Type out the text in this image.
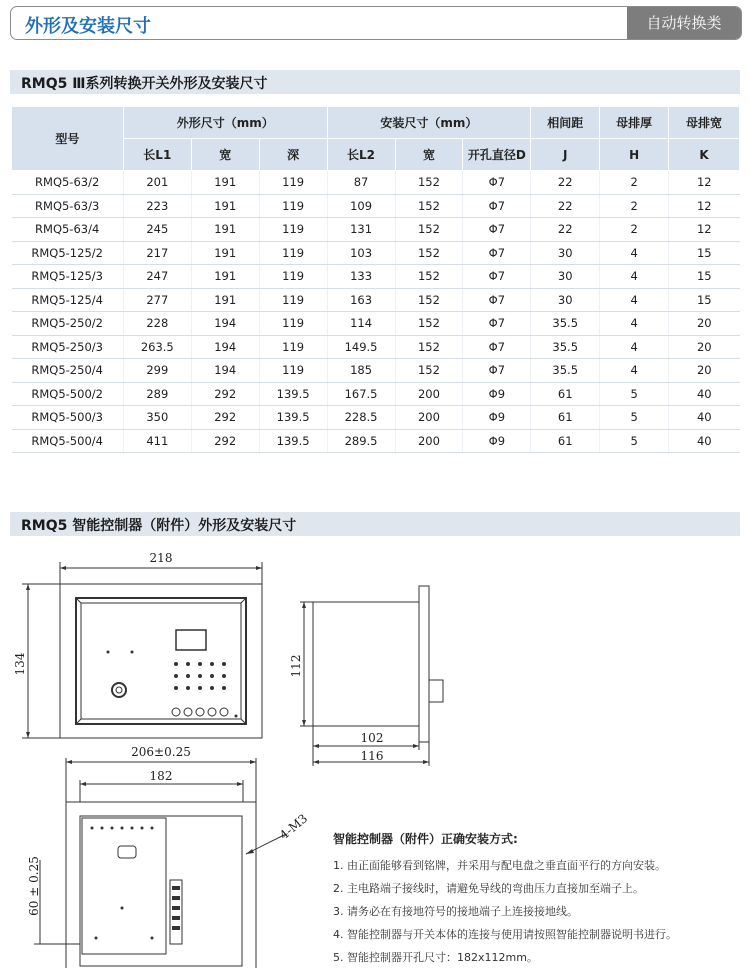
外形及安装尺寸	自动转换类
RMQ5 Ⅲ系列转换开关外形及安装尺寸
型号	外形尺寸（mm）			安装尺寸（mm）			相间距	母排厚	母排宽
	长L1	宽	深	长L2	宽	开孔直径D	J	H	K
RMQ5-63/2	201	191	119	87	152	Φ7	22	2	12
RMQ5-63/3	223	191	119	109	152	Φ7	22	2	12
RMQ5-63/4	245	191	119	131	152	Φ7	22	2	12
RMQ5-125/2	217	191	119	103	152	Φ7	30	4	15
RMQ5-125/3	247	191	119	133	152	Φ7	30	4	15
RMQ5-125/4	277	191	119	163	152	Φ7	30	4	15
RMQ5-250/2	228	194	119	114	152	Φ7	35.5	4	20
RMQ5-250/3	263.5	194	119	149.5	152	Φ7	35.5	4	20
RMQ5-250/4	299	194	119	185	152	Φ7	35.5	4	20
RMQ5-500/2	289	292	139.5	167.5	200	Φ9	61	5	40
RMQ5-500/3	350	292	139.5	228.5	200	Φ9	61	5	40
RMQ5-500/4	411	292	139.5	289.5	200	Φ9	61	5	40
RMQ5 智能控制器（附件）外形及安装尺寸
218
134	112
102
116
206±0.25
182
60 ± 0.25
4-M3 智能控制器（附件）正确安装方式:
1. 由正面能够看到铭牌，并采用与配电盘之垂直面平行的方向安装。
2. 主电路端子接线时，请避免导线的弯曲压力直接加至端子上。
3. 请务必在有接地符号的接地端子上连接接地线。
4. 智能控制器与开关本体的连接与使用请按照智能控制器说明书进行。
5. 智能控制器开孔尺寸：182x112mm。
